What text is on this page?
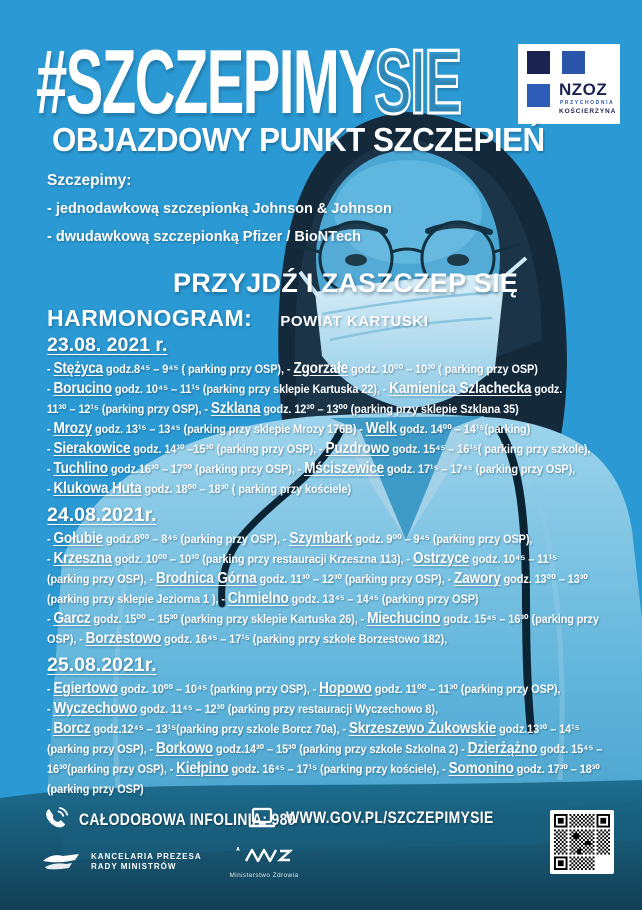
#SZCZEPIMYSIE	NZOZ
PRZYCHODNIA
KOŚCIERZYNA
OBJAZDOWY PUNKT SZCZEPIEŃ
Szczepimy:
- jednodawkową szczepionką Johnson & Johnson
- dwudawkową szczepionką Pfizer / BioNTech
PRZYJDŹ I ZASZCZEP SIĘ
HARMONOGRAM: POWIAT KARTUSKI
23.08. 2021 r.
- Stężyca godz.8⁴⁵ – 9⁴⁵ ( parking przy OSP), - Zgorzałe godz. 10⁰⁰ – 10³⁰ ( parking przy OSP)
- Borucino godz. 10⁴⁵ – 11¹⁵ (parking przy sklepie Kartuska 22), - Kamienica Szlachecka godz.
11³⁰ – 12¹⁵ (parking przy OSP), - Szklana godz. 12³⁰ – 13⁰⁰ (parking przy sklepie Szklana 35)
- Mrozy godz. 13¹⁵ – 13⁴⁵ (parking przy sklepie Mrozy 176B) - Welk godz. 14⁰⁰ – 14¹⁵(parking)
- Sierakowice godz. 14³⁰ –15³⁰ (parking przy OSP), - Puzdrowo godz. 15⁴⁵ – 16¹⁵( parking przy szkole),
- Tuchlino godz.16³⁰ – 17⁰⁰ (parking przy OSP), - Mściszewice godz. 17¹⁵ – 17⁴⁵ (parking przy OSP),
- Klukowa Huta godz. 18⁰⁰ – 18³⁰ ( parking przy kościele)
24.08.2021r.
- Gołubie godz.8⁰⁰ – 8⁴⁵ (parking przy OSP), - Szymbark godz. 9⁰⁰ – 9⁴⁵ (parking przy OSP),
- Krzeszna godz. 10⁰⁰ – 10³⁰ (parking przy restauracji Krzeszna 113), - Ostrzyce godz. 10⁴⁵ – 11¹⁵
(parking przy OSP), - Brodnica Górna godz. 11³⁰ – 12³⁰ (parking przy OSP), - Zawory godz. 13⁰⁰ – 13³⁰
(parking przy sklepie Jeziorna 1 ), - Chmielno godz. 13⁴⁵ – 14⁴⁵ (parking przy OSP)
- Garcz godz. 15⁰⁰ – 15³⁰ (parking przy sklepie Kartuska 26), - Miechucino godz. 15⁴⁵ – 16³⁰ (parking przy
OSP), - Borzestowo godz. 16⁴⁵ – 17¹⁵ (parking przy szkole Borzestowo 182),
25.08.2021r.
- Egiertowo godz. 10⁰⁰ – 10⁴⁵ (parking przy OSP), - Hopowo godz. 11⁰⁰ – 11³⁰ (parking przy OSP),
- Wyczechowo godz. 11⁴⁵ – 12³⁰ (parking przy restauracji Wyczechowo 8),
- Borcz godz.12⁴⁵ – 13¹⁵(parking przy szkole Borcz 70a), - Skrzeszewo Żukowskie godz.13³⁰ – 14¹⁵
(parking przy OSP), - Borkowo godz.14³⁰ – 15³⁰ (parking przy szkole Szkolna 2) - Dzierżążno godz. 15⁴⁵ –
16³⁰(parking przy OSP), - Kiełpino godz. 16⁴⁵ – 17¹⁵ (parking przy kościele), - Somonino godz. 17³⁰ – 18³⁰
(parking przy OSP)
CAŁODOBOWA INFOLINIA: 989
WWW.GOV.PL/SZCZEPIMYSIE
KANCELARIA PREZESA
RADY MINISTRÓW
Ministerstwo Zdrowia
